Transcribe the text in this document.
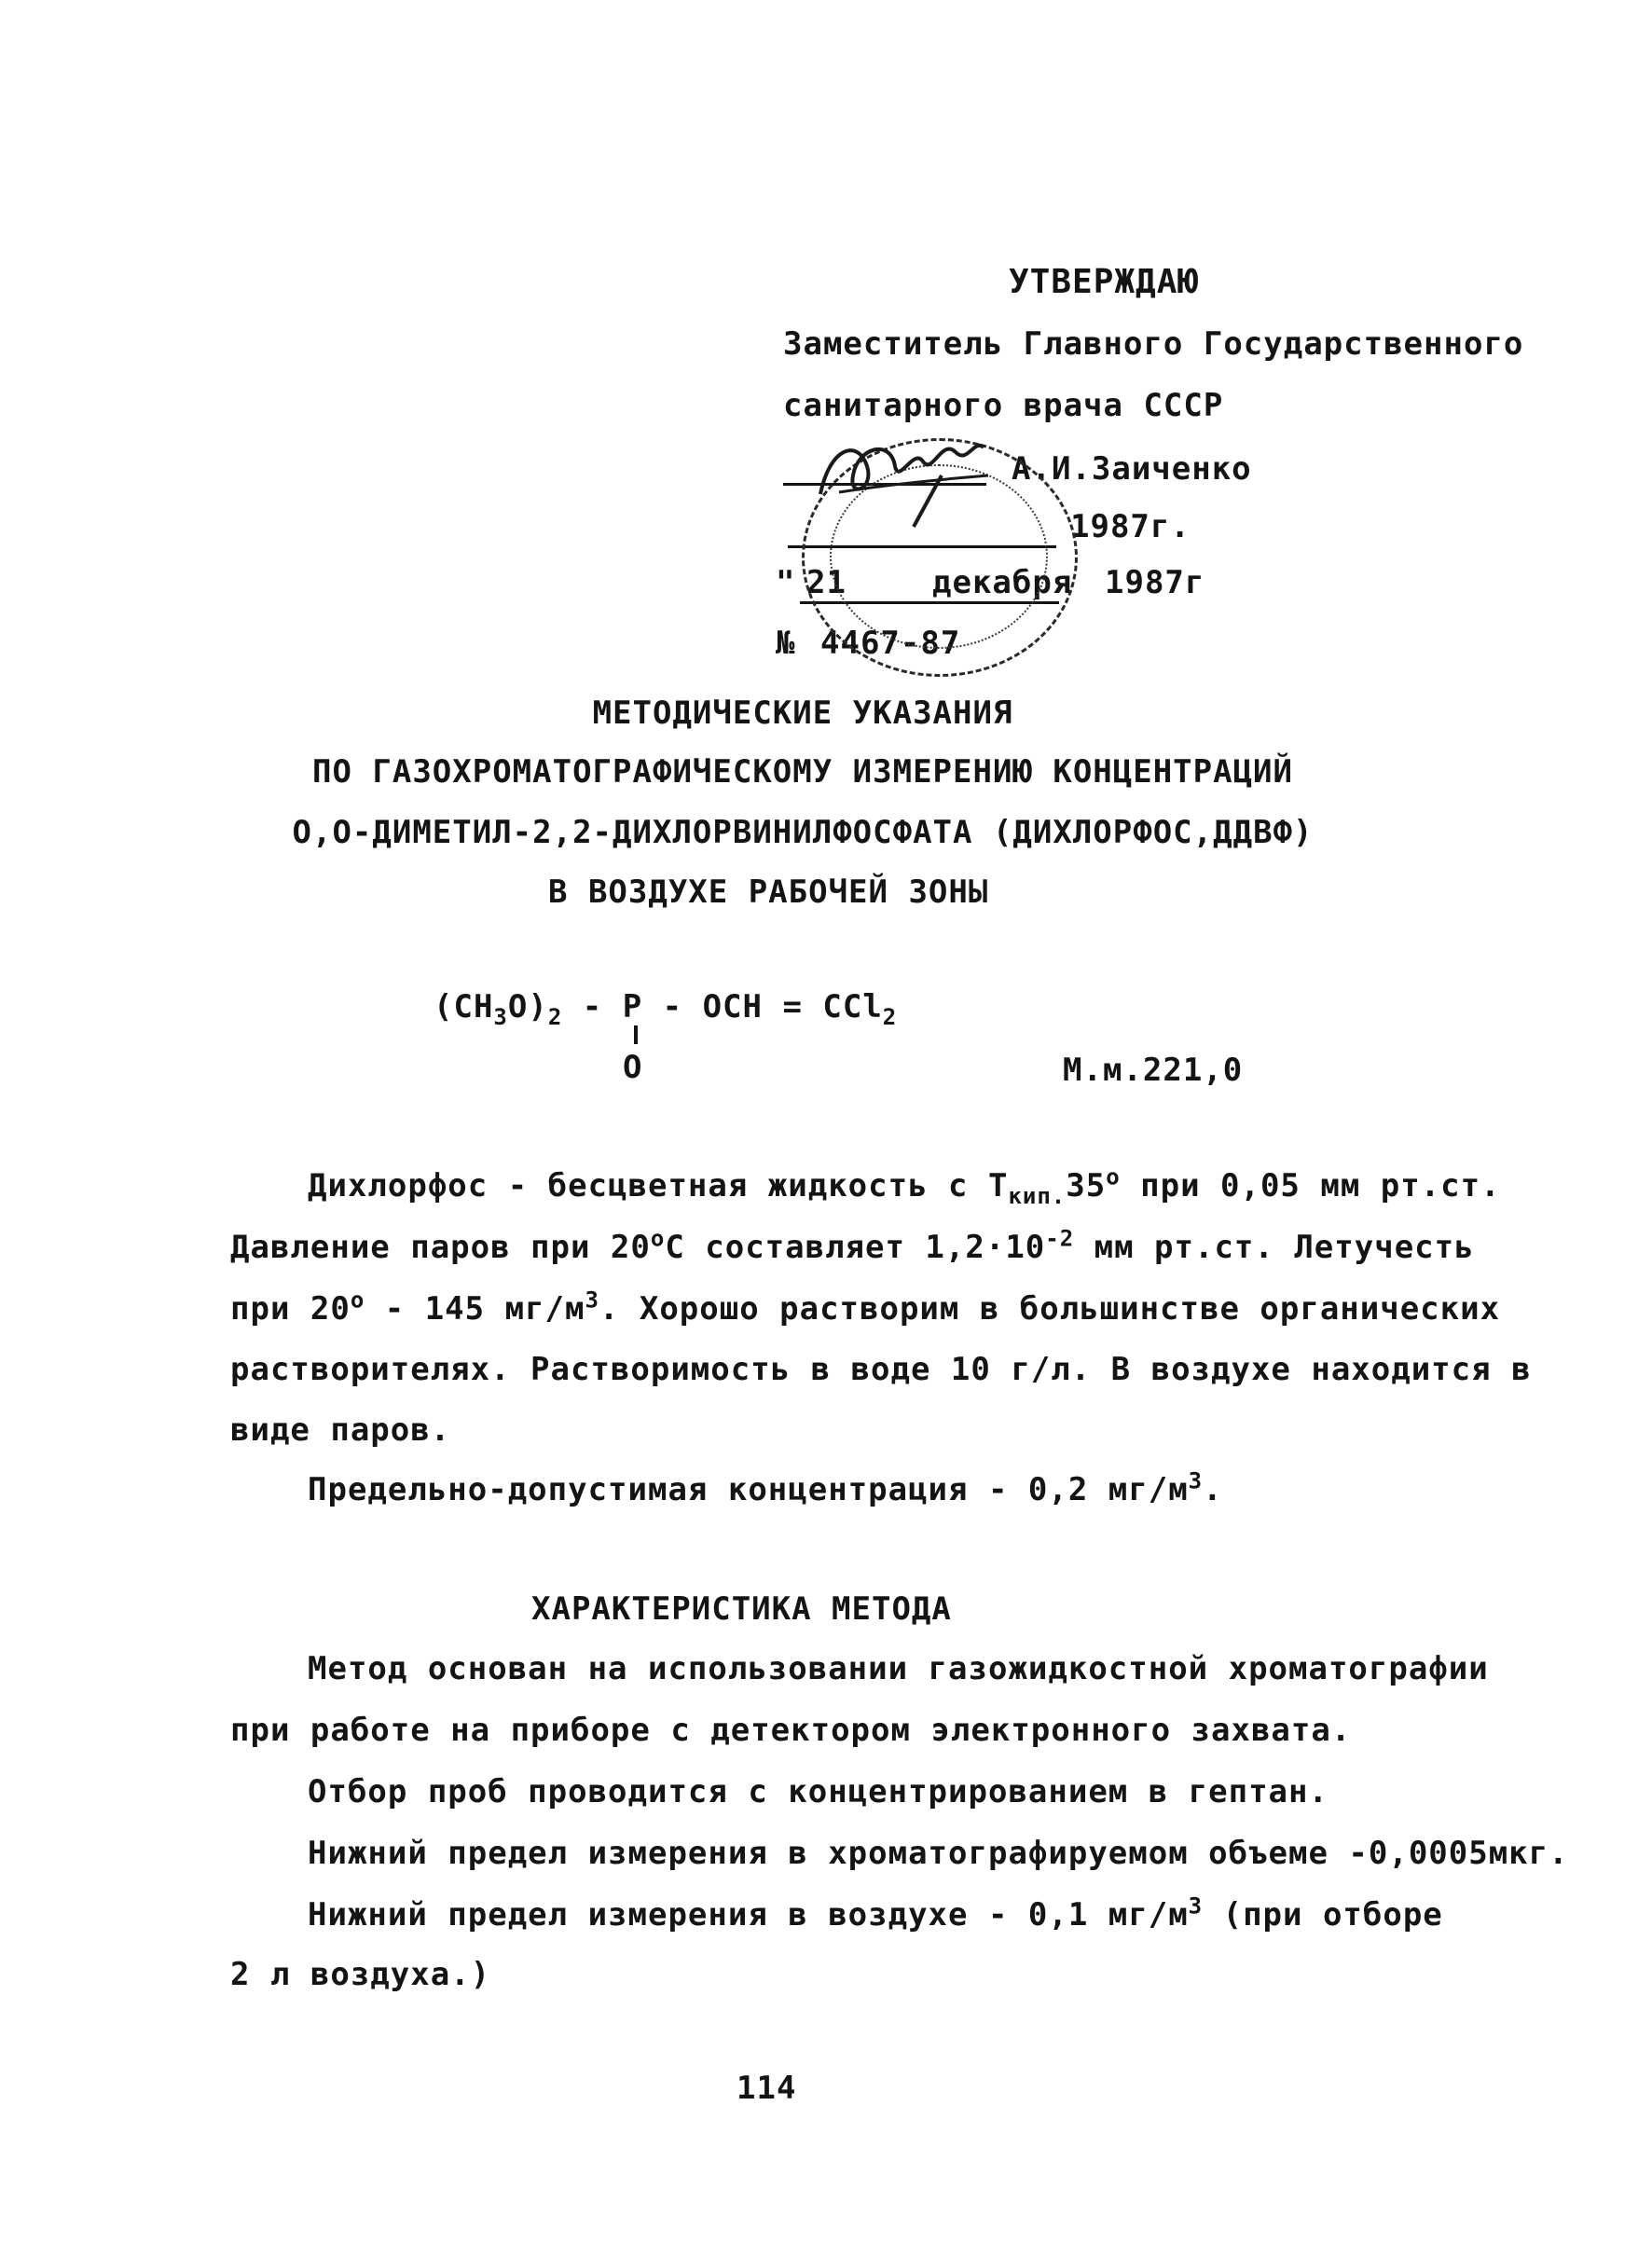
УТВЕРЖДАЮ
Заместитель Главного Государственного
санитарного врача СССР
А.И.Заиченко
1987г.
" 21	декабря 1987г
№ 4467-87
МЕТОДИЧЕСКИЕ УКАЗАНИЯ
ПО ГАЗОХРОМАТОГРАФИЧЕСКОМУ ИЗМЕРЕНИЮ КОНЦЕНТРАЦИЙ
О,О-ДИМЕТИЛ-2,2-ДИХЛОРВИНИЛФОСФАТА (ДИХЛОРФОС,ДДВФ)
В ВОЗДУХЕ РАБОЧЕЙ ЗОНЫ
$(CH_3O)_2$ - P - OCH = CCl$_2$
O	М.м.221,0
Дихлорфос - бесцветная жидкость с $Т_{кип.}35^о$ при 0,05 мм рт.ст.
Давление паров при $20^оС$ составляет $1,2\cdot 10^{-2}$ мм рт.ст. Летучесть
при $20^о - 145$ $мг/м^3$. Хорошо растворим в большинстве органических
растворителях. Растворимость в воде 10 г/л. В воздухе находится в
виде паров.
Предельно-допустимая концентрация - 0,2 $мг/м^3$.
ХАРАКТЕРИСТИКА МЕТОДА
Метод основан на использовании газожидкостной хроматографии
при работе на приборе с детектором электронного захвата.
Отбор проб проводится с концентрированием в гептан.
Нижний предел измерения в хроматографируемом объеме -0,0005мкг.
Нижний предел измерения в воздухе - 0,1 $мг/м^3$ (при отборе
2 л воздуха.)
114
